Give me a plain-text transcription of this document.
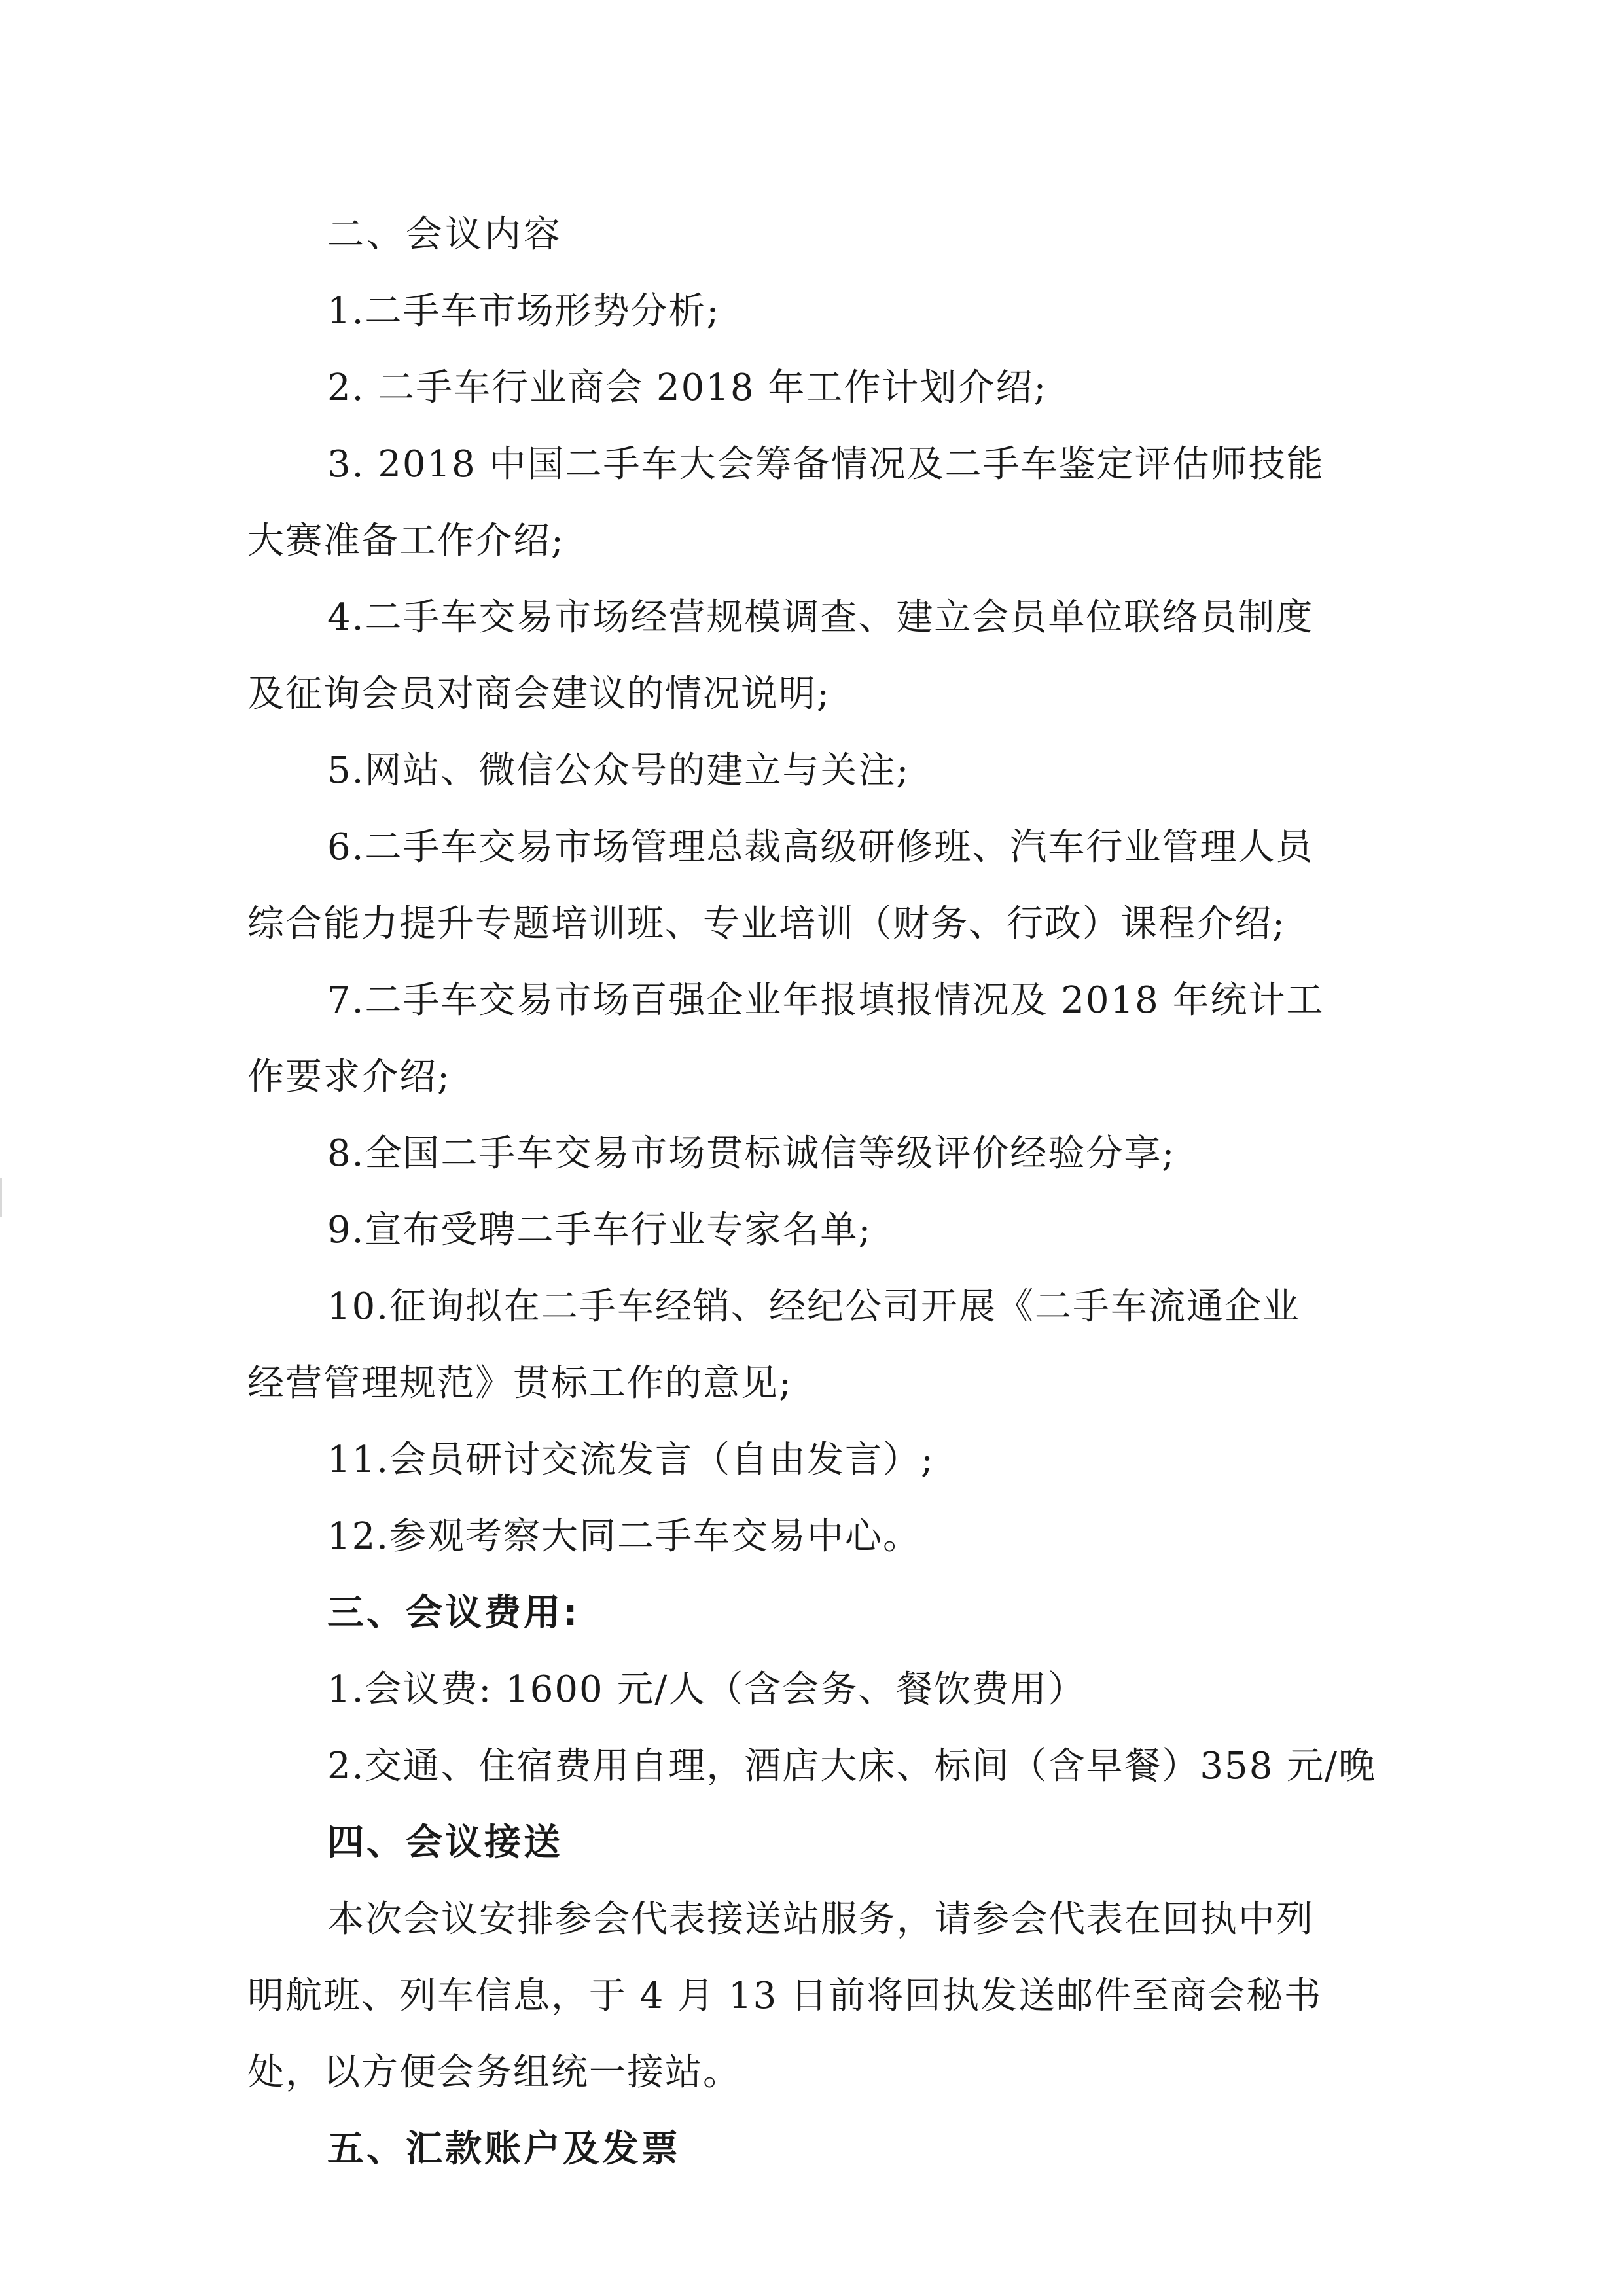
二、会议内容
1.二手车市场形势分析;
2. 二手车行业商会 2018 年工作计划介绍;
3. 2018 中国二手车大会筹备情况及二手车鉴定评估师技能
大赛准备工作介绍;
4.二手车交易市场经营规模调查、建立会员单位联络员制度
及征询会员对商会建议的情况说明;
5.网站、微信公众号的建立与关注;
6.二手车交易市场管理总裁高级研修班、汽车行业管理人员
综合能力提升专题培训班、专业培训（财务、行政）课程介绍;
7.二手车交易市场百强企业年报填报情况及 2018 年统计工
作要求介绍;
8.全国二手车交易市场贯标诚信等级评价经验分享;
9.宣布受聘二手车行业专家名单;
10.征询拟在二手车经销、经纪公司开展《二手车流通企业
经营管理规范》贯标工作的意见;
11.会员研讨交流发言（自由发言）;
12.参观考察大同二手车交易中心。
三、会议费用:
1.会议费: 1600 元/人（含会务、餐饮费用）
2.交通、住宿费用自理，酒店大床、标间（含早餐）358 元/晚
四、会议接送
本次会议安排参会代表接送站服务，请参会代表在回执中列
明航班、列车信息，于 4 月 13 日前将回执发送邮件至商会秘书
处，以方便会务组统一接站。
五、汇款账户及发票
